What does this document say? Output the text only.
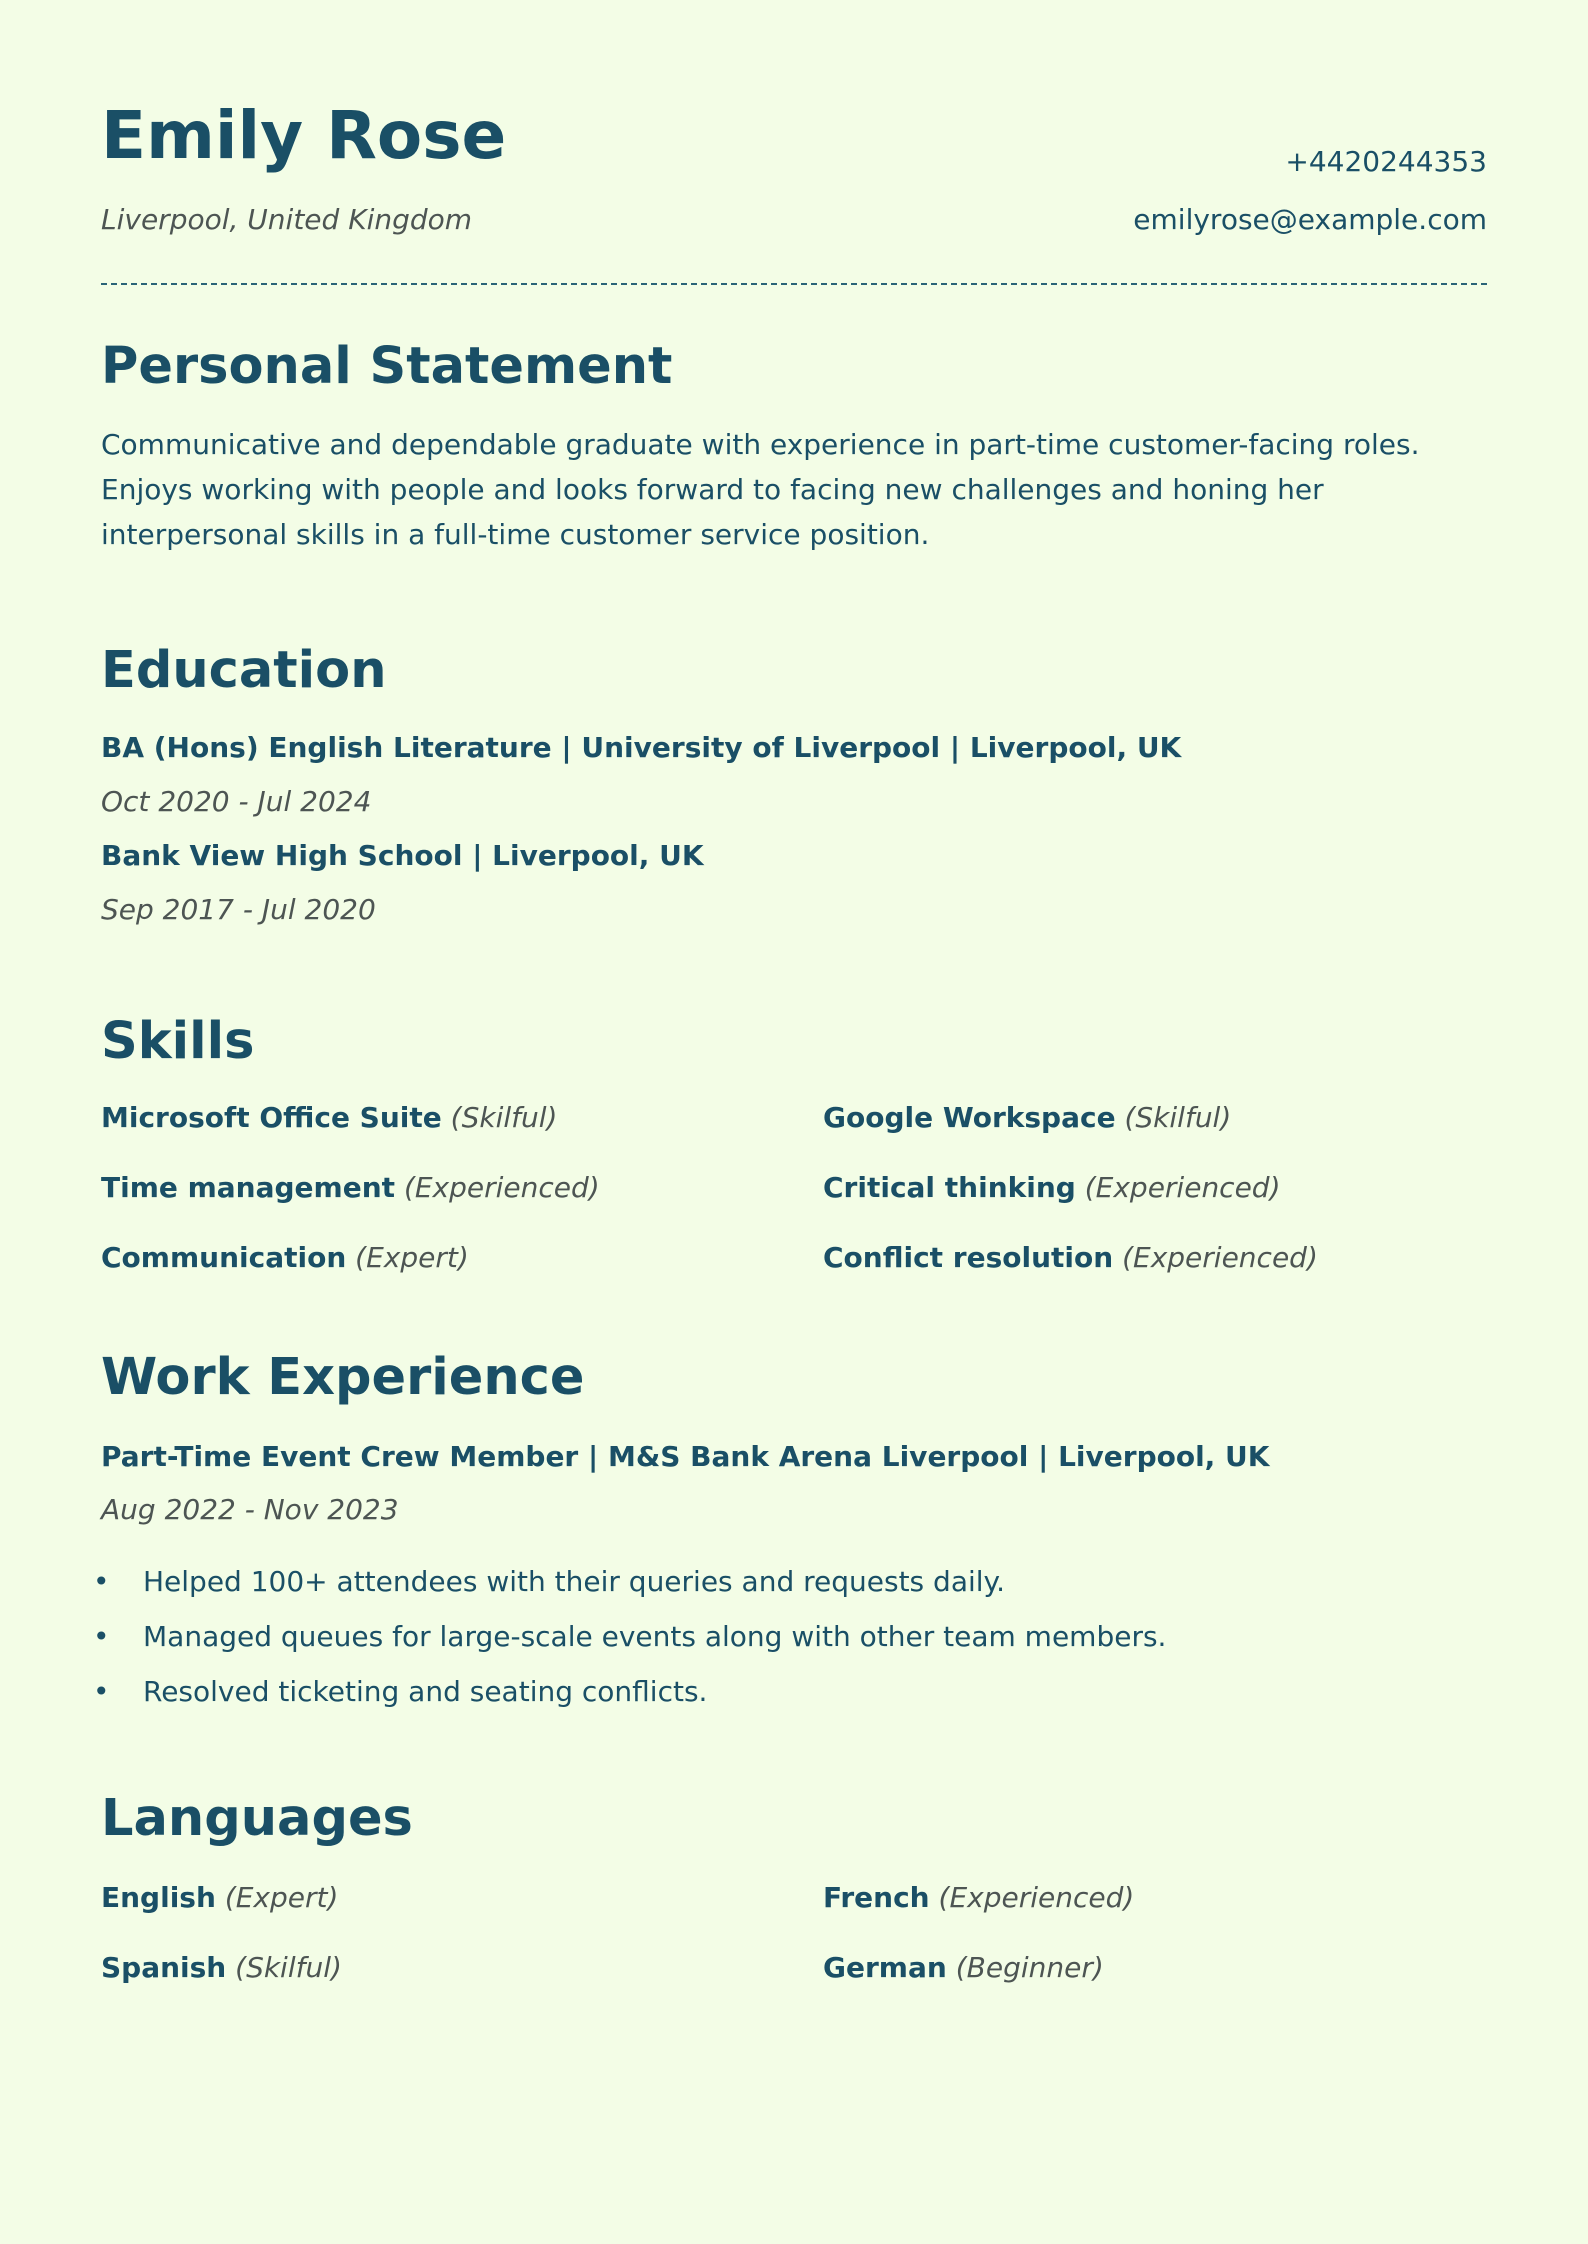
Emily Rose
Liverpool, United Kingdom
+4420244353
emilyrose@example.com
Personal Statement
Communicative and dependable graduate with experience in part-time customer-facing roles. Enjoys working with people and looks forward to facing new challenges and honing her interpersonal skills in a full-time customer service position.
Education
BA (Hons) English Literature | University of Liverpool | Liverpool, UK
Oct 2020 - Jul 2024
Bank View High School | Liverpool, UK
Sep 2017 - Jul 2020
Skills
Microsoft Office Suite (Skilful)	Google Workspace (Skilful)
Time management (Experienced)	Critical thinking (Experienced)
Communication (Expert)	Conflict resolution (Experienced)
Work Experience
Part-Time Event Crew Member | M&S Bank Arena Liverpool | Liverpool, UK
Aug 2022 - Nov 2023
• Helped 100+ attendees with their queries and requests daily.
• Managed queues for large-scale events along with other team members.
• Resolved ticketing and seating conflicts.
Languages
English (Expert)	French (Experienced)
Spanish (Skilful)	German (Beginner)
